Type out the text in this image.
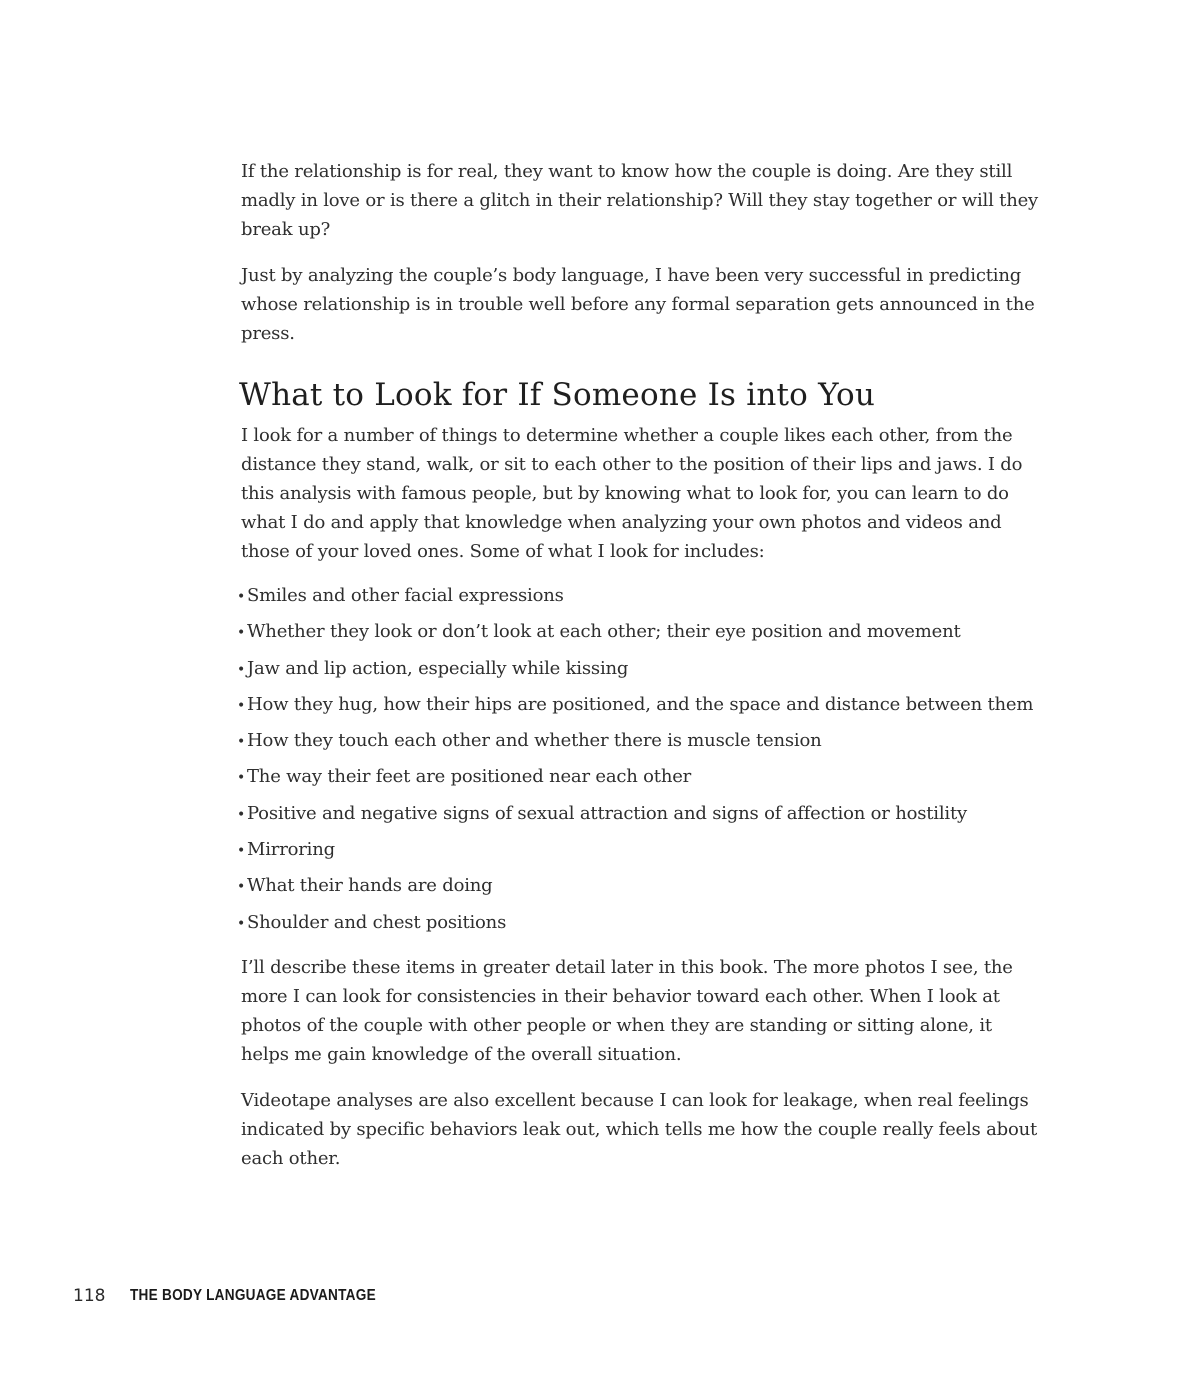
If the relationship is for real, they want to know how the couple is doing. Are they still madly in love or is there a glitch in their relationship? Will they stay together or will they break up?

Just by analyzing the couple’s body language, I have been very successful in predicting whose relationship is in trouble well before any formal separation gets announced in the press.

What to Look for If Someone Is into You

I look for a number of things to determine whether a couple likes each other, from the distance they stand, walk, or sit to each other to the position of their lips and jaws. I do this analysis with famous people, but by knowing what to look for, you can learn to do what I do and apply that knowledge when analyzing your own photos and videos and those of your loved ones. Some of what I look for includes:

• Smiles and other facial expressions
• Whether they look or don’t look at each other; their eye position and movement
• Jaw and lip action, especially while kissing
• How they hug, how their hips are positioned, and the space and distance between them
• How they touch each other and whether there is muscle tension
• The way their feet are positioned near each other
• Positive and negative signs of sexual attraction and signs of affection or hostility
• Mirroring
• What their hands are doing
• Shoulder and chest positions

I’ll describe these items in greater detail later in this book. The more photos I see, the more I can look for consistencies in their behavior toward each other. When I look at photos of the couple with other people or when they are standing or sitting alone, it helps me gain knowledge of the overall situation.

Videotape analyses are also excellent because I can look for leakage, when real feelings indicated by specific behaviors leak out, which tells me how the couple really feels about each other.

118	THE BODY LANGUAGE ADVANTAGE
